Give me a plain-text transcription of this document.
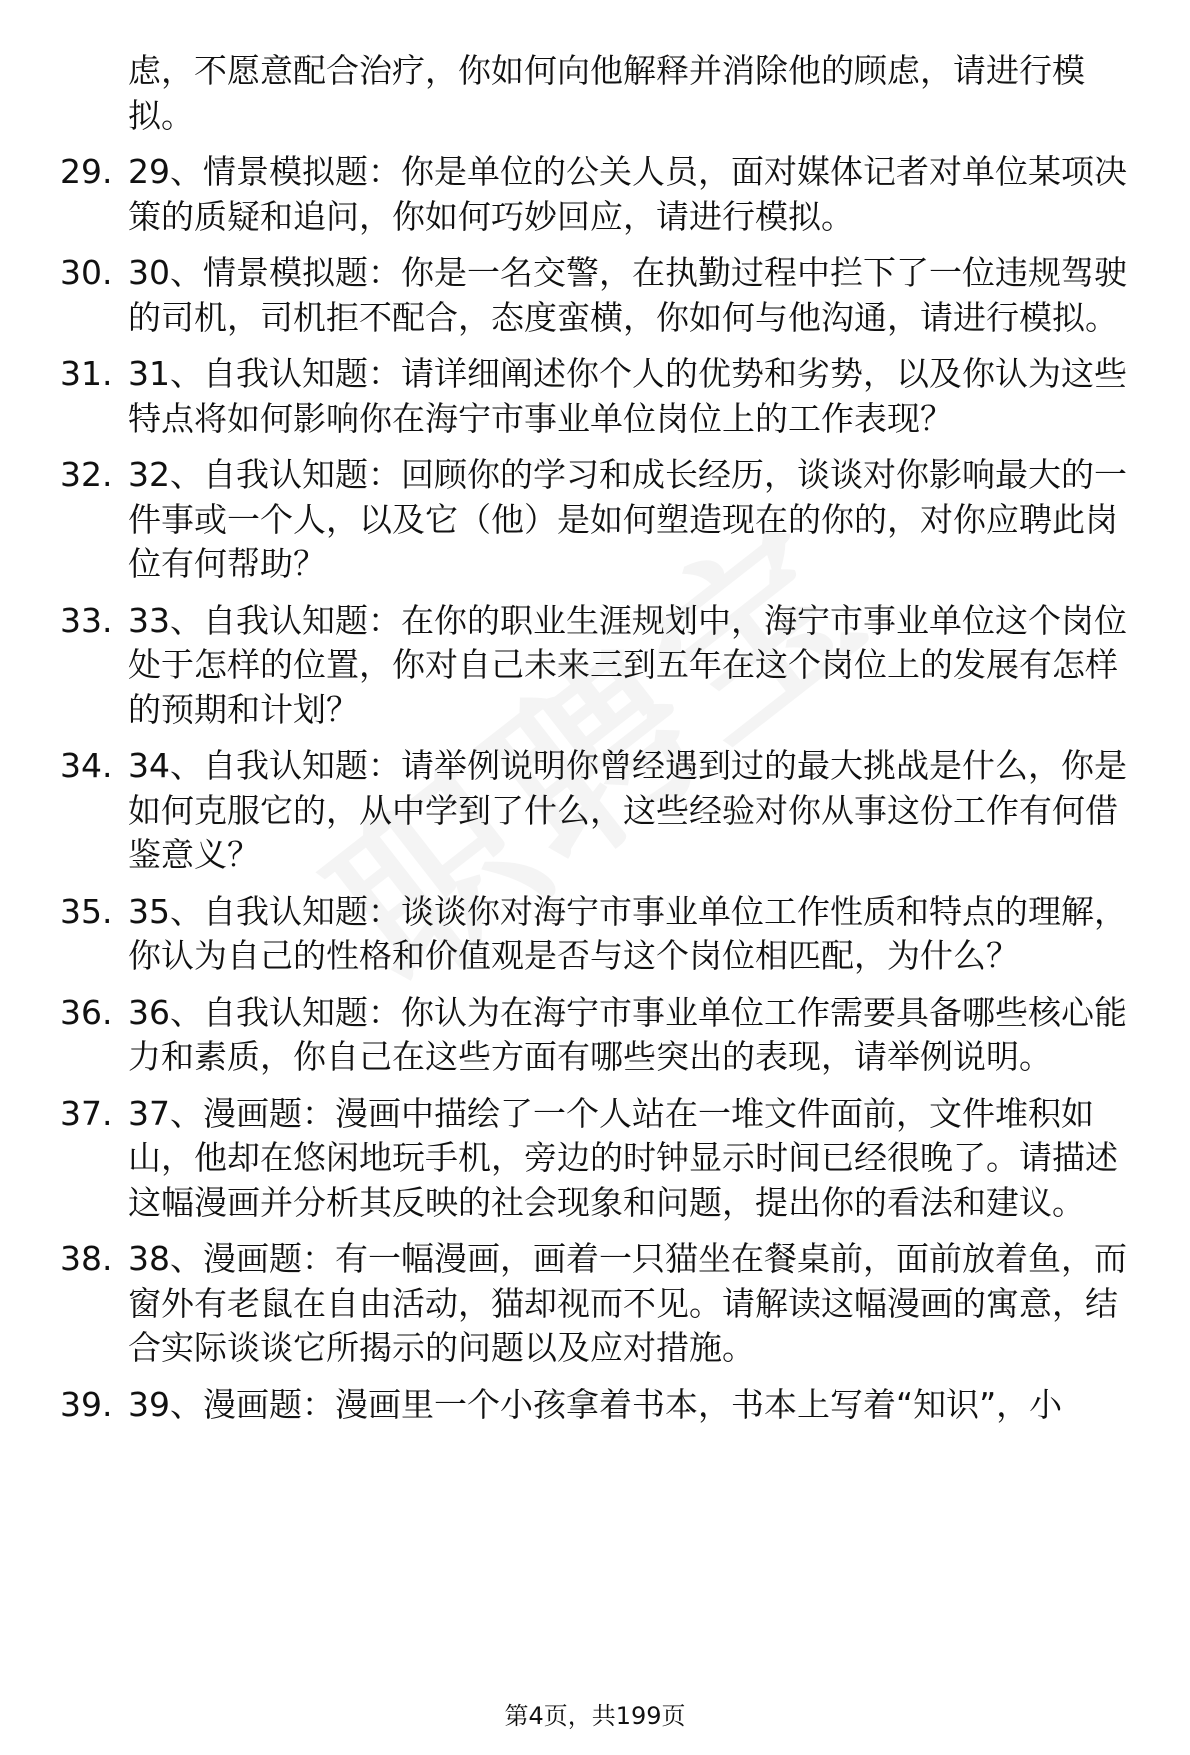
虑，不愿意配合治疗，你如何向他解释并消除他的顾虑，请进行模拟。

29. 29、情景模拟题：你是单位的公关人员，面对媒体记者对单位某项决策的质疑和追问，你如何巧妙回应，请进行模拟。

30. 30、情景模拟题：你是一名交警，在执勤过程中拦下了一位违规驾驶的司机，司机拒不配合，态度蛮横，你如何与他沟通，请进行模拟。

31. 31、自我认知题：请详细阐述你个人的优势和劣势，以及你认为这些特点将如何影响你在海宁市事业单位岗位上的工作表现？

32. 32、自我认知题：回顾你的学习和成长经历，谈谈对你影响最大的一件事或一个人，以及它（他）是如何塑造现在的你的，对你应聘此岗位有何帮助？

33. 33、自我认知题：在你的职业生涯规划中，海宁市事业单位这个岗位处于怎样的位置，你对自己未来三到五年在这个岗位上的发展有怎样的预期和计划？

34. 34、自我认知题：请举例说明你曾经遇到过的最大挑战是什么，你是如何克服它的，从中学到了什么，这些经验对你从事这份工作有何借鉴意义？

35. 35、自我认知题：谈谈你对海宁市事业单位工作性质和特点的理解，你认为自己的性格和价值观是否与这个岗位相匹配，为什么？

36. 36、自我认知题：你认为在海宁市事业单位工作需要具备哪些核心能力和素质，你自己在这些方面有哪些突出的表现，请举例说明。

37. 37、漫画题：漫画中描绘了一个人站在一堆文件面前，文件堆积如山，他却在悠闲地玩手机，旁边的时钟显示时间已经很晚了。请描述这幅漫画并分析其反映的社会现象和问题，提出你的看法和建议。

38. 38、漫画题：有一幅漫画，画着一只猫坐在餐桌前，面前放着鱼，而窗外有老鼠在自由活动，猫却视而不见。请解读这幅漫画的寓意，结合实际谈谈它所揭示的问题以及应对措施。

39. 39、漫画题：漫画里一个小孩拿着书本，书本上写着“知识”，小

第4页，共199页
